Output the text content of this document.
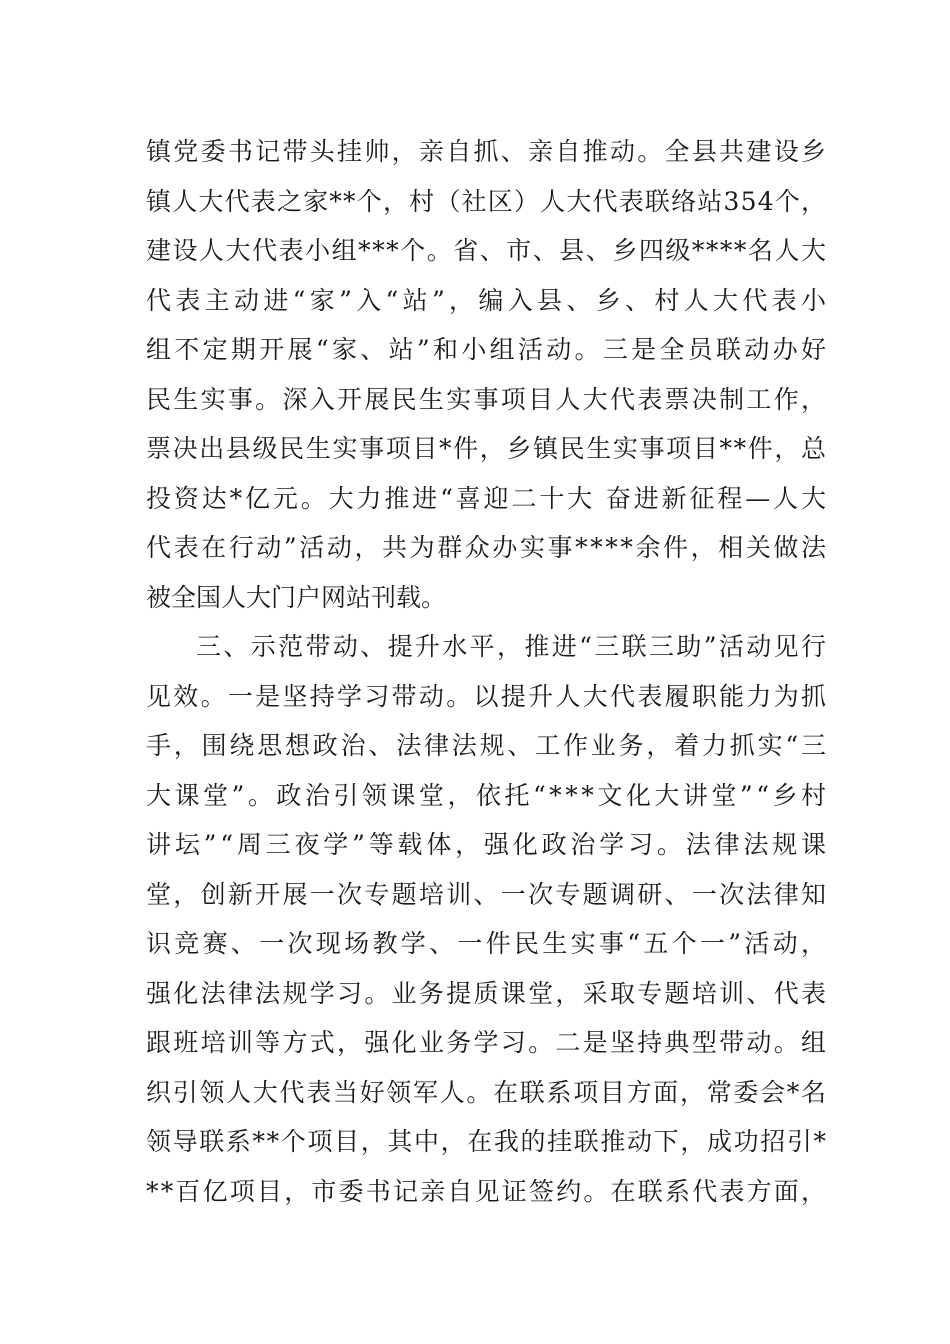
镇党委书记带头挂帅，亲自抓、亲自推动。全县共建设乡
镇人大代表之家**个，村（社区）人大代表联络站354个，
建设人大代表小组***个。省、市、县、乡四级****名人大
代表主动进“家”入“站”，编入县、乡、村人大代表小
组不定期开展“家、站”和小组活动。三是全员联动办好
民生实事。深入开展民生实事项目人大代表票决制工作，
票决出县级民生实事项目*件，乡镇民生实事项目**件，总
投资达*亿元。大力推进“喜迎二十大 奋进新征程—人大
代表在行动”活动，共为群众办实事****余件，相关做法
被全国人大门户网站刊载。
三、示范带动、提升水平，推进“三联三助”活动见行
见效。一是坚持学习带动。以提升人大代表履职能力为抓
手，围绕思想政治、法律法规、工作业务，着力抓实“三
大课堂”。政治引领课堂，依托“***文化大讲堂”“乡村
讲坛”“周三夜学”等载体，强化政治学习。法律法规课
堂，创新开展一次专题培训、一次专题调研、一次法律知
识竞赛、一次现场教学、一件民生实事“五个一”活动，
强化法律法规学习。业务提质课堂，采取专题培训、代表
跟班培训等方式，强化业务学习。二是坚持典型带动。组
织引领人大代表当好领军人。在联系项目方面，常委会*名
领导联系**个项目，其中，在我的挂联推动下，成功招引*
**百亿项目，市委书记亲自见证签约。在联系代表方面，
